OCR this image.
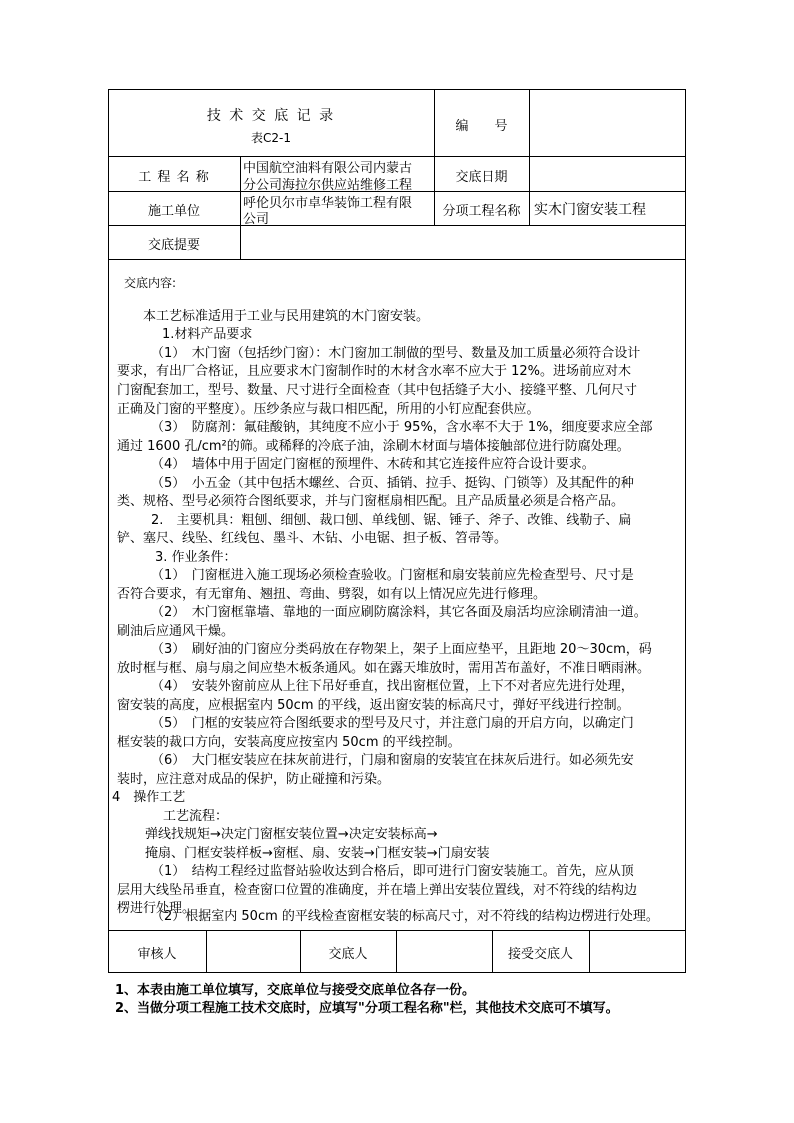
技 术 交 底 记 录
表C2-1
编　　号
工 程 名 称
中国航空油料有限公司内蒙古
分公司海拉尔供应站维修工程
交底日期
施工单位
呼伦贝尔市卓华装饰工程有限
公司
分项工程名称 实木门窗安装工程
交底提要
交底内容:
本工艺标准适用于工业与民用建筑的木门窗安装。
1.材料产品要求
（1）　木门窗（包括纱门窗）：木门窗加工制做的型号、数量及加工质量必须符合设计
要求，有出厂合格证，且应要求木门窗制作时的木材含水率不应大于 12%。进场前应对木
门窗配套加工，型号、数量、尺寸进行全面检查（其中包括缝子大小、接缝平整、几何尺寸
正确及门窗的平整度）。压纱条应与裁口相匹配，所用的小钉应配套供应。
（3）　防腐剂：氟硅酸钠，其纯度不应小于 95%，含水率不大于 1%，细度要求应全部
通过 1600 孔/cm²的筛。或稀释的冷底子油，涂刷木材面与墙体接触部位进行防腐处理。
（4）　墙体中用于固定门窗框的预埋件、木砖和其它连接件应符合设计要求。
（5）　小五金（其中包括木螺丝、合页、插销、拉手、挺钩、门锁等）及其配件的种
类、规格、型号必须符合图纸要求，并与门窗框扇相匹配。且产品质量必须是合格产品。
2.　主要机具：粗刨、细刨、裁口刨、单线刨、锯、锤子、斧子、改锥、线勒子、扁
铲、塞尺、线坠、红线包、墨斗、木钻、小电锯、担子板、笤帚等。
3. 作业条件：
（1）　门窗框进入施工现场必须检查验收。门窗框和扇安装前应先检查型号、尺寸是
否符合要求，有无窜角、翘扭、弯曲、劈裂，如有以上情况应先进行修理。
（2）　木门窗框靠墙、靠地的一面应刷防腐涂料，其它各面及扇活均应涂刷清油一道。
刷油后应通风干燥。
（3）　刷好油的门窗应分类码放在存物架上，架子上面应垫平，且距地 20～30cm，码
放时框与框、扇与扇之间应垫木板条通风。如在露天堆放时，需用苫布盖好，不准日晒雨淋。
（4）　安装外窗前应从上往下吊好垂直，找出窗框位置，上下不对者应先进行处理，
窗安装的高度，应根据室内 50cm 的平线，返出窗安装的标高尺寸，弹好平线进行控制。
（5）　门框的安装应符合图纸要求的型号及尺寸，并注意门扇的开启方向，以确定门
框安装的裁口方向，安装高度应按室内 50cm 的平线控制。
（6）　大门框安装应在抹灰前进行，门扇和窗扇的安装宜在抹灰后进行。如必须先安
装时，应注意对成品的保护，防止碰撞和污染。
4　操作工艺
工艺流程：
弹线找规矩→决定门窗框安装位置→决定安装标高→
掩扇、门框安装样板→窗框、扇、安装→门框安装→门扇安装
（1）　结构工程经过监督站验收达到合格后，即可进行门窗安装施工。首先，应从顶
层用大线坠吊垂直，检查窗口位置的准确度，并在墙上弹出安装位置线，对不符线的结构边
楞进行处理。
（2）根据室内 50cm 的平线检查窗框安装的标高尺寸，对不符线的结构边楞进行处理。
审核人	交底人	接受交底人
1、本表由施工单位填写，交底单位与接受交底单位各存一份。
2、当做分项工程施工技术交底时，应填写"分项工程名称"栏，其他技术交底可不填写。
